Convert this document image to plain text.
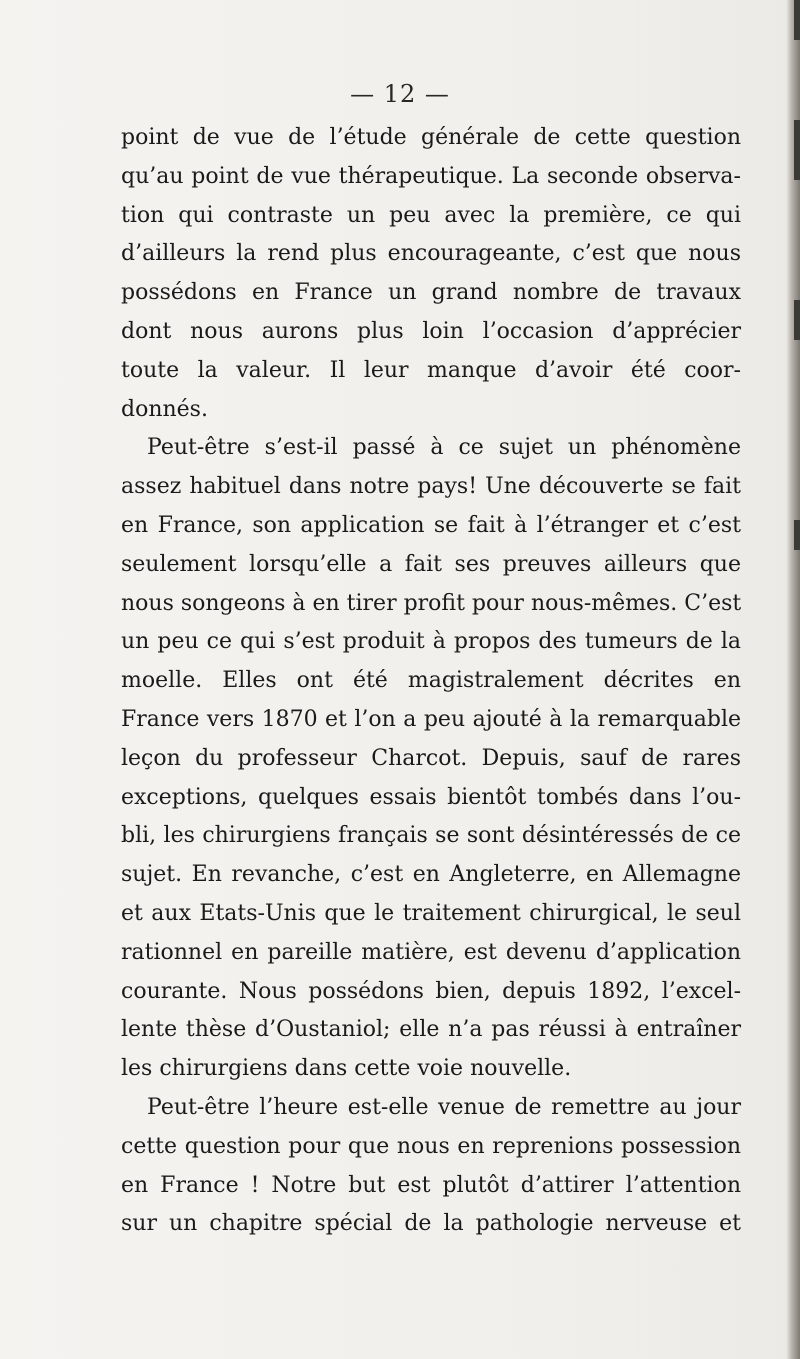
— 12 —
point de vue de l’étude générale de cette question
qu’au point de vue thérapeutique. La seconde observa-
tion qui contraste un peu avec la première, ce qui
d’ailleurs la rend plus encourageante, c’est que nous
possédons en France un grand nombre de travaux
dont nous aurons plus loin l’occasion d’apprécier
toute la valeur. Il leur manque d’avoir été coor-
donnés.
Peut-être s’est-il passé à ce sujet un phénomène
assez habituel dans notre pays! Une découverte se fait
en France, son application se fait à l’étranger et c’est
seulement lorsqu’elle a fait ses preuves ailleurs que
nous songeons à en tirer profit pour nous-mêmes. C’est
un peu ce qui s’est produit à propos des tumeurs de la
moelle. Elles ont été magistralement décrites en
France vers 1870 et l’on a peu ajouté à la remarquable
leçon du professeur Charcot. Depuis, sauf de rares
exceptions, quelques essais bientôt tombés dans l’ou-
bli, les chirurgiens français se sont désintéressés de ce
sujet. En revanche, c’est en Angleterre, en Allemagne
et aux Etats-Unis que le traitement chirurgical, le seul
rationnel en pareille matière, est devenu d’application
courante. Nous possédons bien, depuis 1892, l’excel-
lente thèse d’Oustaniol; elle n’a pas réussi à entraîner
les chirurgiens dans cette voie nouvelle.
Peut-être l’heure est-elle venue de remettre au jour
cette question pour que nous en reprenions possession
en France ! Notre but est plutôt d’attirer l’attention
sur un chapitre spécial de la pathologie nerveuse et
